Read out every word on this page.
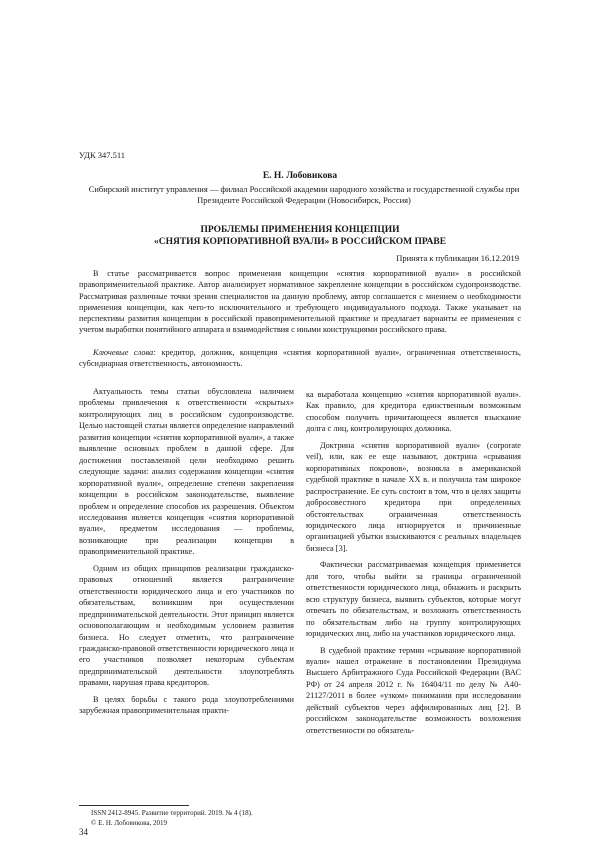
УДК 347.511
Е. Н. Лобовикова
Сибирский институт управления — филиал Российской академии народного хозяйства и государственной службы при Президенте Российской Федерации (Новосибирск, Россия)
ПРОБЛЕМЫ ПРИМЕНЕНИЯ КОНЦЕПЦИИ
«СНЯТИЯ КОРПОРАТИВНОЙ ВУАЛИ» В РОССИЙСКОМ ПРАВЕ
Принята к публикации 16.12.2019

В статье рассматривается вопрос применения концепции «снятия корпоративной вуали» в российской правоприменительной практике. Автор анализирует нормативное закрепление концепции в российском судопроизводстве. Рассматривая различные точки зрения специалистов на данную проблему, автор соглашается с мнением о необходимости применения концепции, как чего-то исключительного и требующего индивидуального подхода. Также указывает на перспективы развития концепции в российской правоприменительной практике и предлагает варианты ее применения с учетом выработки понятийного аппарата и взаимодействия с иными конструкциями российского права.

Ключевые слова: кредитор, должник, концепция «снятия корпоративной вуали», ограниченная ответственность, субсидиарная ответственность, автономность.

Актуальность темы статьи обусловлена наличием проблемы привлечения к ответственности «скрытых» контролирующих лиц в российском судопроизводстве. Целью настоящей статьи является определение направлений развития концепции «снятия корпоративной вуали», а также выявление основных проблем в данной сфере. Для достижения поставленной цели необходимо решить следующие задачи: анализ содержания концепции «снятия корпоративной вуали», определение степени закрепления концепции в российском законодательстве, выявление проблем и определение способов их разрешения. Объектом исследования является концепция «снятия корпоративной вуали», предметом исследования — проблемы, возникающие при реализации концепции в правоприменительной практике.

Одним из общих принципов реализации гражданско-правовых отношений является разграничение ответственности юридического лица и его участников по обязательствам, возникшим при осуществлении предпринимательской деятельности. Этот принцип является основополагающим и необходимым условием развития бизнеса. Но следует отметить, что разграничение гражданско-правовой ответственности юридического лица и его участников позволяет некоторым субъектам предпринимательской деятельности злоупотреблять правами, нарушая права кредиторов.

В целях борьбы с такого рода злоупотреблениями зарубежная правоприменительная практи-

ка выработала концепцию «снятия корпоративной вуали». Как правило, для кредитора единственным возможным способом получить причитающееся является взыскание долга с лиц, контролирующих должника.

Доктрина «снятия корпоративной вуали» (corporate veil), или, как ее еще называют, доктрина «срывания корпоративных покровов», возникла в американской судебной практике в начале XX в. и получила там широкое распространение. Ее суть состоит в том, что в целях защиты добросовестного кредитора при определенных обстоятельствах ограниченная ответственность юридического лица игнорируется и причиненные организацией убытки взыскиваются с реальных владельцев бизнеса [3].

Фактически рассматриваемая концепция применяется для того, чтобы выйти за границы ограниченной ответственности юридического лица, обнажить и раскрыть всю структуру бизнеса, выявить субъектов, которые могут отвечать по обязательствам, и возложить ответственность по обязательствам либо на группу контролирующих юридических лиц, либо на участников юридического лица.

В судебной практике термин «срывание корпоративной вуали» нашел отражение в постановлении Президиума Высшего Арбитражного Суда Российской Федерации (ВАС РФ) от 24 апреля 2012 г. № 16404/11 по делу № А40-21127/2011 в более «узком» понимании при исследовании действий субъектов через аффилированных лиц [2]. В российском законодательстве возможность возложения ответственности по обязатель-

ISSN 2412-8945. Развитие территорий. 2019. № 4 (18).
© Е. Н. Лобовикова, 2019
34
